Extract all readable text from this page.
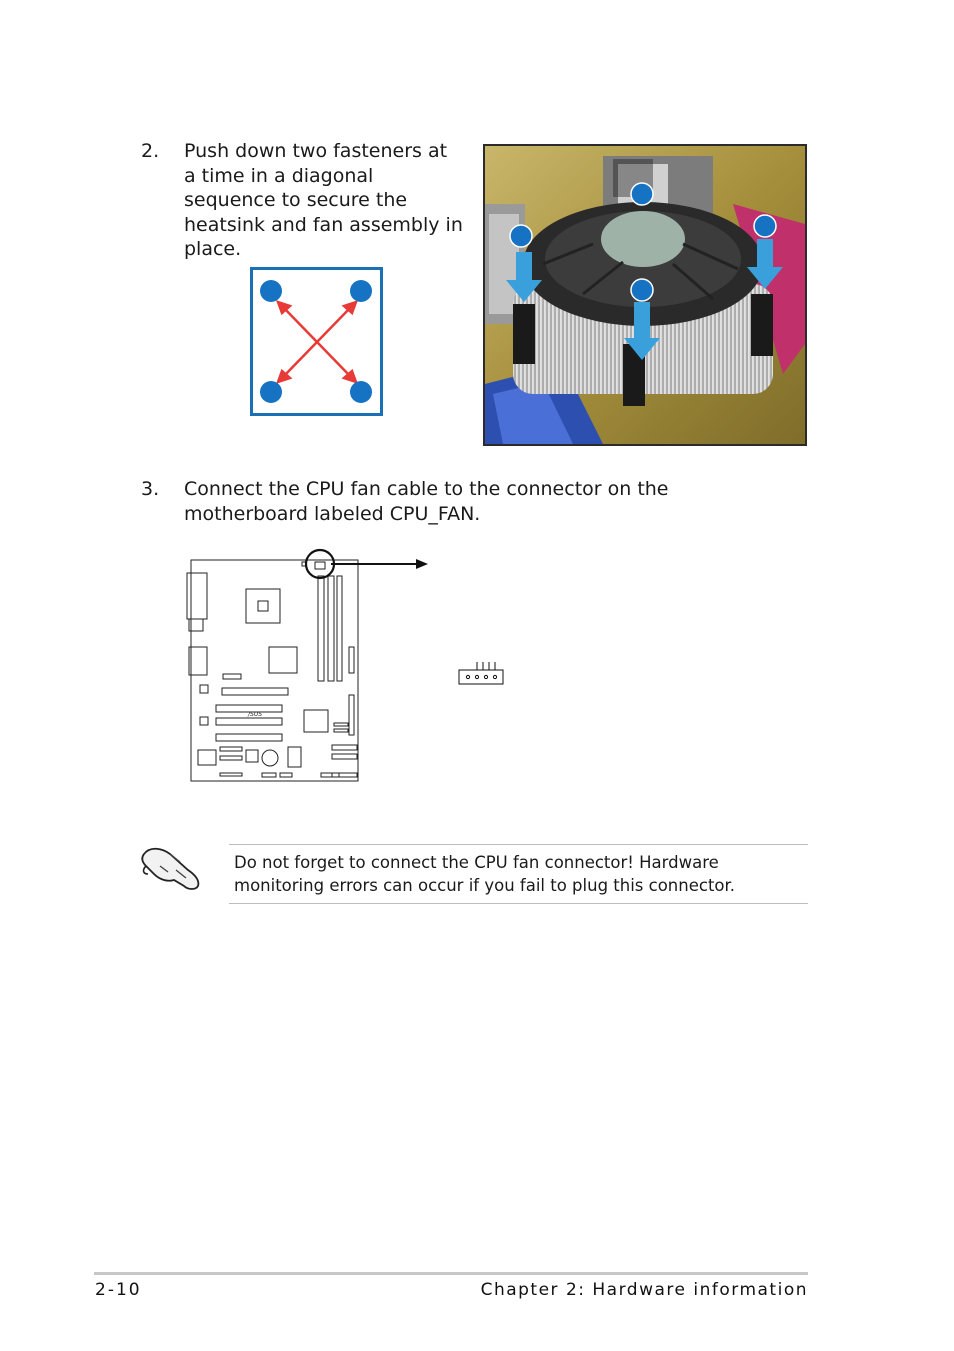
2. Push down two fasteners at a time in a diagonal sequence to secure the heatsink and fan assembly in place.
3. Connect the CPU fan cable to the connector on the motherboard labeled CPU_FAN.
/SUS
Do not forget to connect the CPU fan connector! Hardware monitoring errors can occur if you fail to plug this connector.
2-10	Chapter 2: Hardware information
